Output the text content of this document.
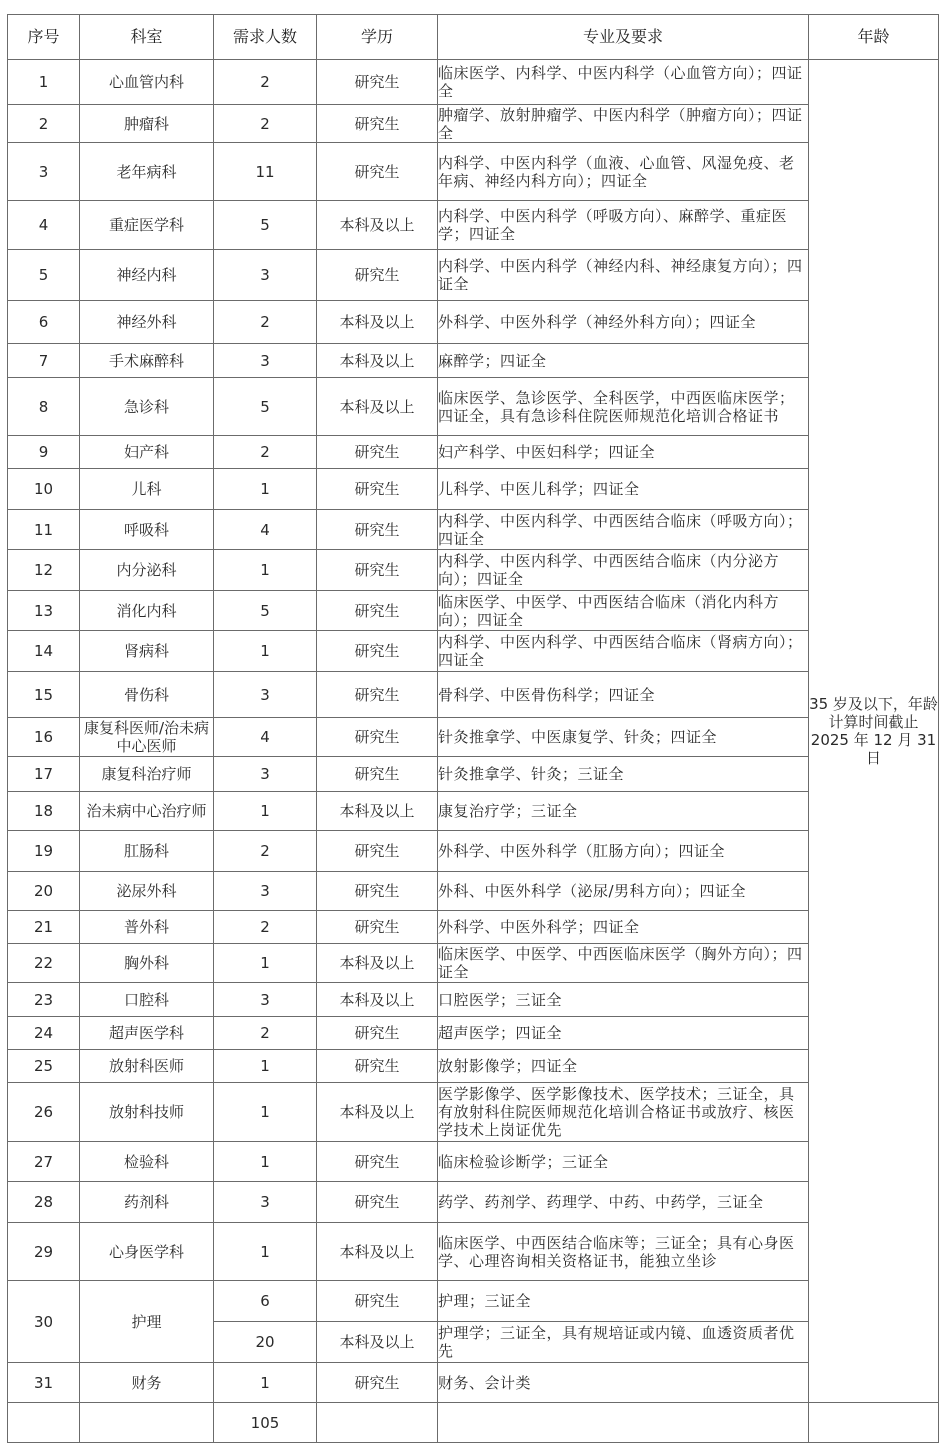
序号	科室	需求人数	学历	专业及要求	年龄
1	心血管内科	2	研究生	临床医学、内科学、中医内科学（心血管方向）；四证全	35 岁及以下，年龄计算时间截止 2025 年 12 月 31 日
2	肿瘤科	2	研究生	肿瘤学、放射肿瘤学、中医内科学（肿瘤方向）；四证全	
3	老年病科	11	研究生	内科学、中医内科学（血液、心血管、风湿免疫、老年病、神经内科方向）；四证全	
4	重症医学科	5	本科及以上	内科学、中医内科学（呼吸方向）、麻醉学、重症医学；四证全	
5	神经内科	3	研究生	内科学、中医内科学（神经内科、神经康复方向）；四证全	
6	神经外科	2	本科及以上	外科学、中医外科学（神经外科方向）；四证全	
7	手术麻醉科	3	本科及以上	麻醉学；四证全	
8	急诊科	5	本科及以上	临床医学、急诊医学、全科医学，中西医临床医学；四证全，具有急诊科住院医师规范化培训合格证书	
9	妇产科	2	研究生	妇产科学、中医妇科学；四证全	
10	儿科	1	研究生	儿科学、中医儿科学；四证全	
11	呼吸科	4	研究生	内科学、中医内科学、中西医结合临床（呼吸方向）；四证全	
12	内分泌科	1	研究生	内科学、中医内科学、中西医结合临床（内分泌方向）；四证全	
13	消化内科	5	研究生	临床医学、中医学、中西医结合临床（消化内科方向）；四证全	
14	肾病科	1	研究生	内科学、中医内科学、中西医结合临床（肾病方向）；四证全	
15	骨伤科	3	研究生	骨科学、中医骨伤科学；四证全	
16	康复科医师/治未病中心医师	4	研究生	针灸推拿学、中医康复学、针灸；四证全	
17	康复科治疗师	3	研究生	针灸推拿学、针灸；三证全	
18	治未病中心治疗师	1	本科及以上	康复治疗学；三证全	
19	肛肠科	2	研究生	外科学、中医外科学（肛肠方向）；四证全	
20	泌尿外科	3	研究生	外科、中医外科学（泌尿/男科方向）；四证全	
21	普外科	2	研究生	外科学、中医外科学；四证全	
22	胸外科	1	本科及以上	临床医学、中医学、中西医临床医学（胸外方向）；四证全	
23	口腔科	3	本科及以上	口腔医学；三证全	
24	超声医学科	2	研究生	超声医学；四证全	
25	放射科医师	1	研究生	放射影像学；四证全	
26	放射科技师	1	本科及以上	医学影像学、医学影像技术、医学技术；三证全，具有放射科住院医师规范化培训合格证书或放疗、核医学技术上岗证优先	
27	检验科	1	研究生	临床检验诊断学；三证全	
28	药剂科	3	研究生	药学、药剂学、药理学、中药、中药学，三证全	
29	心身医学科	1	本科及以上	临床医学、中西医结合临床等；三证全；具有心身医学、心理咨询相关资格证书，能独立坐诊	
30	护理	6	研究生	护理；三证全	
		20	本科及以上	护理学；三证全，具有规培证或内镜、血透资质者优先	
31	财务	1	研究生	财务、会计类	
		105			
